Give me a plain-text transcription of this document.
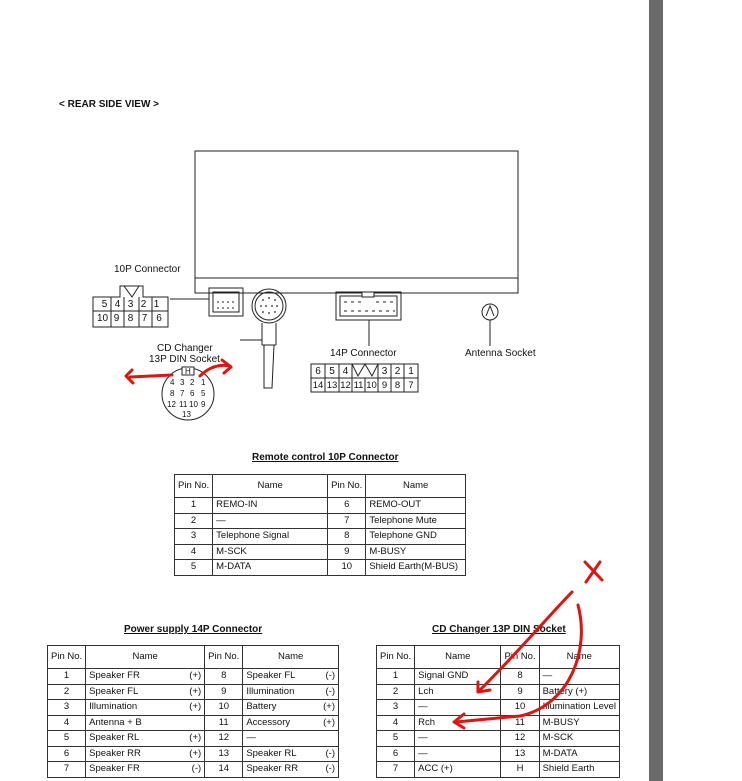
< REAR SIDE VIEW >
10P Connector
5 4 3 2 1
10 9 8 7 6
CD Changer
13P DIN Socket
H
4 3 2 1
8 7 6 5
12 11 10 9
13
14P Connector
6 5 4	3 2 1
14 13 12 11 10 9 8 7
Antenna Socket
Remote control 10P Connector
Pin No.	Name	Pin No.	Name
1	REMO-IN	6	REMO-OUT
2	—	7	Telephone Mute
3	Telephone Signal	8	Telephone GND
4	M-SCK	9	M-BUSY
5	M-DATA	10	Shield Earth(M-BUS)
Power supply 14P Connector
Pin No.	Name	Pin No.	Name
1	Speaker FR (+)	8	Speaker FL (-)

2	Speaker FL (+)	9	Illumination (-)

3	Illumination (+)	10	Battery (+)

4	Antenna + B	11	Accessory (+)

5	Speaker RL (+)	12	—

6	Speaker RR (+)	13	Speaker RL (-)

7	Speaker FR (-)	14	Speaker RR (-)
CD Changer 13P DIN Socket
Pin No.	Name	Pin No.	Name
1	Signal GND	8	—
2	Lch	9	Battery (+)
3	—	10	Illumination Level
4	Rch	11	M-BUSY
5	—	12	M-SCK
6	—	13	M-DATA
7	ACC (+)	H	Shield Earth
